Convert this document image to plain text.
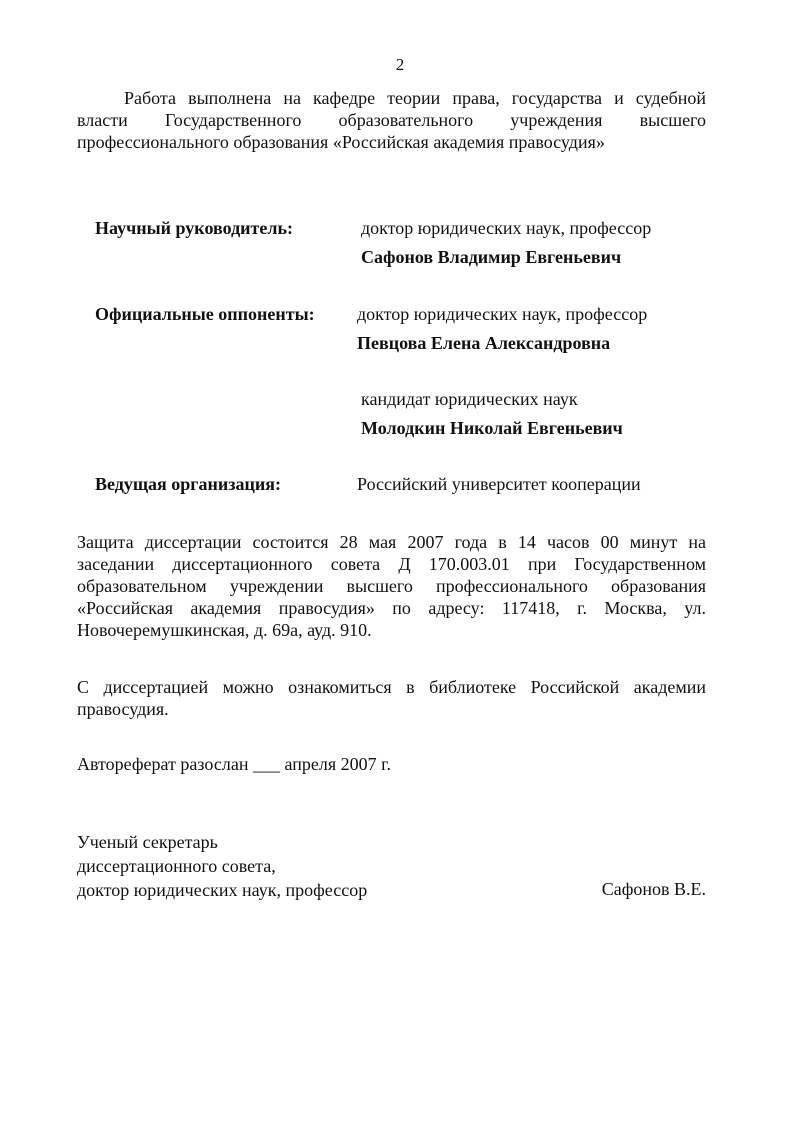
2
Работа выполнена на кафедре теории права, государства и судебной
власти Государственного образовательного учреждения высшего
профессионального образования «Российская академия правосудия»
Научный руководитель:	доктор юридических наук, профессор
Сафонов Владимир Евгеньевич
Официальные оппоненты: доктор юридических наук, профессор
Певцова Елена Александровна
кандидат юридических наук
Молодкин Николай Евгеньевич
Ведущая организация:	Российский университет кооперации
Защита диссертации состоится 28 мая 2007 года в 14 часов 00 минут на
заседании диссертационного совета Д 170.003.01 при Государственном
образовательном учреждении высшего профессионального образования
«Российская академия правосудия» по адресу: 117418, г. Москва, ул.
Новочеремушкинская, д. 69а, ауд. 910.
С диссертацией можно ознакомиться в библиотеке Российской академии
правосудия.
Автореферат разослан ___ апреля 2007 г.
Ученый секретарь
диссертационного совета,
доктор юридических наук, профессор	Сафонов В.Е.
